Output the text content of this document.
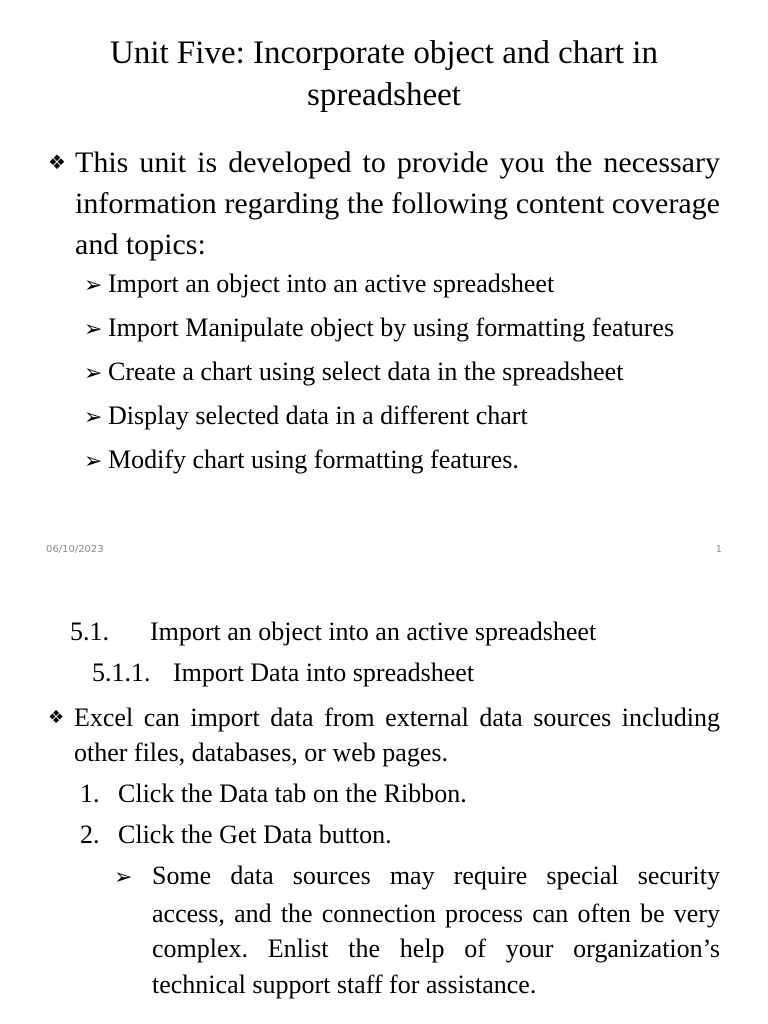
Unit Five: Incorporate object and chart in spreadsheet
❖ This unit is developed to provide you the necessary information regarding the following content coverage and topics:
➢ Import an object into an active spreadsheet
➢ Import Manipulate object by using formatting features
➢ Create a chart using select data in the spreadsheet
➢ Display selected data in a different chart
➢ Modify chart using formatting features.
06/10/2023	1
5.1. Import an object into an active spreadsheet
5.1.1. Import Data into spreadsheet
❖ Excel can import data from external data sources including other files, databases, or web pages.
1. Click the Data tab on the Ribbon.
2. Click the Get Data button.
➢ Some data sources may require special security access, and the connection process can often be very complex. Enlist the help of your organization’s technical support staff for assistance.
